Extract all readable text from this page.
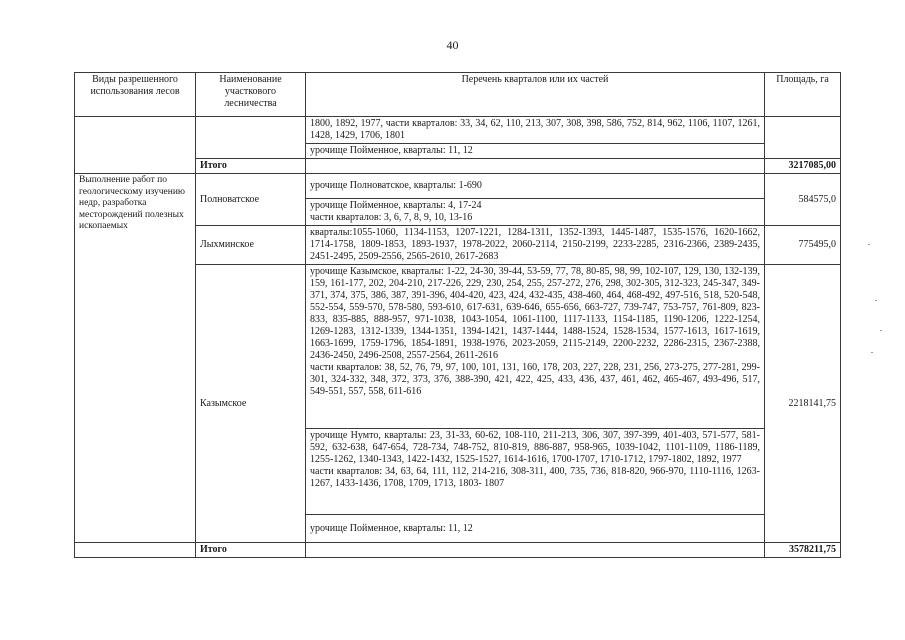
40
Виды разрешенного использования лесов	Наименование участкового лесничества	Перечень кварталов или их частей	Площадь, га

		1800, 1892, 1977, части кварталов: 33, 34, 62, 110, 213, 307, 308, 398, 586, 752, 814, 962, 1106, 1107, 1261, 1428, 1429, 1706, 1801	

		урочище Пойменное, кварталы: 11, 12	
	Итого		3217085,00
Выполнение работ по геологическому изучению недр, разработка месторождений полезных ископаемых	Полноватское	урочище Полноватское, кварталы: 1-690	584575,0

		урочище Пойменное, кварталы: 4, 17-24
части кварталов: 3, 6, 7, 8, 9, 10, 13-16	

	Лыхминское	кварталы:1055-1060, 1134-1153, 1207-1221, 1284-1311, 1352-1393, 1445-1487, 1535-1576, 1620-1662, 1714-1758, 1809-1853, 1893-1937, 1978-2022, 2060-2114, 2150-2199, 2233-2285, 2316-2366, 2389-2435, 2451-2495, 2509-2556, 2565-2610, 2617-2683	775495,0
	Казымское	урочище Казымское, кварталы: 1-22, 24-30, 39-44, 53-59, 77, 78, 80-85, 98, 99, 102-107, 129, 130, 132-139, 159, 161-177, 202, 204-210, 217-226, 229, 230, 254, 255, 257-272, 276, 298, 302-305, 312-323, 245-347, 349-371, 374, 375, 386, 387, 391-396, 404-420, 423, 424, 432-435, 438-460, 464, 468-492, 497-516, 518, 520-548, 552-554, 559-570, 578-580, 593-610, 617-631, 639-646, 655-656, 663-727, 739-747, 753-757, 761-809, 823-833, 835-885, 888-957, 971-1038, 1043-1054, 1061-1100, 1117-1133, 1154-1185, 1190-1206, 1222-1254, 1269-1283, 1312-1339, 1344-1351, 1394-1421, 1437-1444, 1488-1524, 1528-1534, 1577-1613, 1617-1619, 1663-1699, 1759-1796, 1854-1891, 1938-1976, 2023-2059, 2115-2149, 2200-2232, 2286-2315, 2367-2388, 2436-2450, 2496-2508, 2557-2564, 2611-2616
части кварталов: 38, 52, 76, 79, 97, 100, 101, 131, 160, 178, 203, 227, 228, 231, 256, 273-275, 277-281, 299-301, 324-332, 348, 372, 373, 376, 388-390, 421, 422, 425, 433, 436, 437, 461, 462, 465-467, 493-496, 517, 549-551, 557, 558, 611-616	2218141,75

		урочище Нумто, кварталы: 23, 31-33, 60-62, 108-110, 211-213, 306, 307, 397-399, 401-403, 571-577, 581-592, 632-638, 647-654, 728-734, 748-752, 810-819, 886-887, 958-965, 1039-1042, 1101-1109, 1186-1189, 1255-1262, 1340-1343, 1422-1432, 1525-1527, 1614-1616, 1700-1707, 1710-1712, 1797-1802, 1892, 1977
части кварталов: 34, 63, 64, 111, 112, 214-216, 308-311, 400, 735, 736, 818-820, 966-970, 1110-1116, 1263-1267, 1433-1436, 1708, 1709, 1713, 1803- 1807	

		урочище Пойменное, кварталы: 11, 12	
	Итого		3578211,75
